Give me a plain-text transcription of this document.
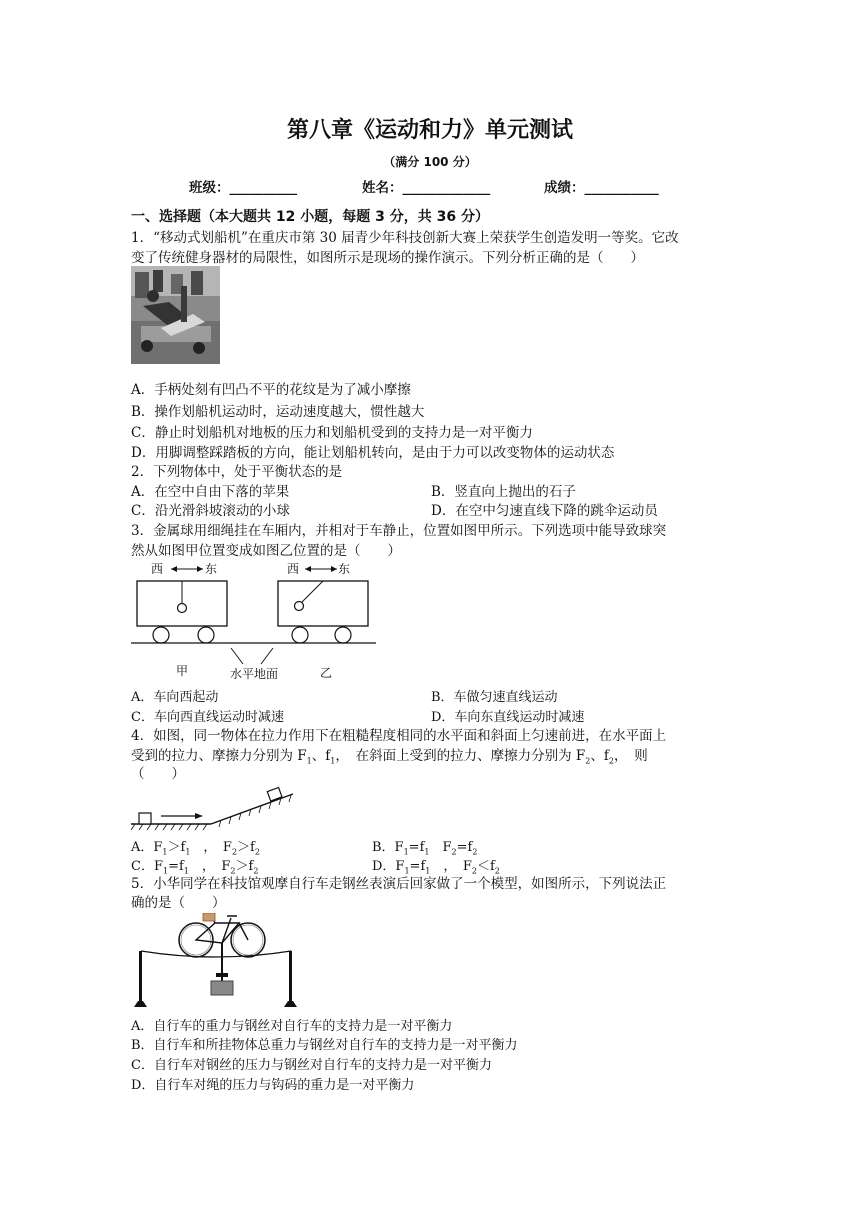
第八章《运动和力》单元测试
（满分 100 分）
班级：__________	姓名：_____________	成绩：___________
一、选择题（本大题共 12 小题，每题 3 分，共 36 分）
1．“移动式划船机”在重庆市第 30 届青少年科技创新大赛上荣获学生创造发明一等奖。它改
变了传统健身器材的局限性，如图所示是现场的操作演示。下列分析正确的是（　　）
A．手柄处刻有凹凸不平的花纹是为了减小摩擦
B．操作划船机运动时，运动速度越大，惯性越大
C．静止时划船机对地板的压力和划船机受到的支持力是一对平衡力
D．用脚调整踩踏板的方向，能让划船机转向，是由于力可以改变物体的运动状态
2．下列物体中，处于平衡状态的是
A．在空中自由下落的苹果	B．竖直向上抛出的石子
C．沿光滑斜坡滚动的小球	D．在空中匀速直线下降的跳伞运动员
3．金属球用细绳挂在车厢内，并相对于车静止，位置如图甲所示。下列选项中能导致球突
然从如图甲位置变成如图乙位置的是（　　）
西	东	西	东
甲	水平地面	乙
A．车向西起动	B．车做匀速直线运动
C．车向西直线运动时减速	D．车向东直线运动时减速
4．如图，同一物体在拉力作用下在粗糙程度相同的水平面和斜面上匀速前进，在水平面上
受到的拉力、摩擦力分别为 $F_1$、$f_1$，　在斜面上受到的拉力、摩擦力分别为 $F_2$、$f_2$，　则
（　　）
A．$F_1>f_1$　，　$F_2>f_2$	B．$F_1=f_1$　$F_2=f_2$
C．$F_1=f_1$　，　$F_2>f_2$	D．$F_1=f_1$　，　$F_2<f_2$
5．小华同学在科技馆观摩自行车走钢丝表演后回家做了一个模型，如图所示，下列说法正
确的是（　　）
A．自行车的重力与钢丝对自行车的支持力是一对平衡力
B．自行车和所挂物体总重力与钢丝对自行车的支持力是一对平衡力
C．自行车对钢丝的压力与钢丝对自行车的支持力是一对平衡力
D．自行车对绳的压力与钩码的重力是一对平衡力
